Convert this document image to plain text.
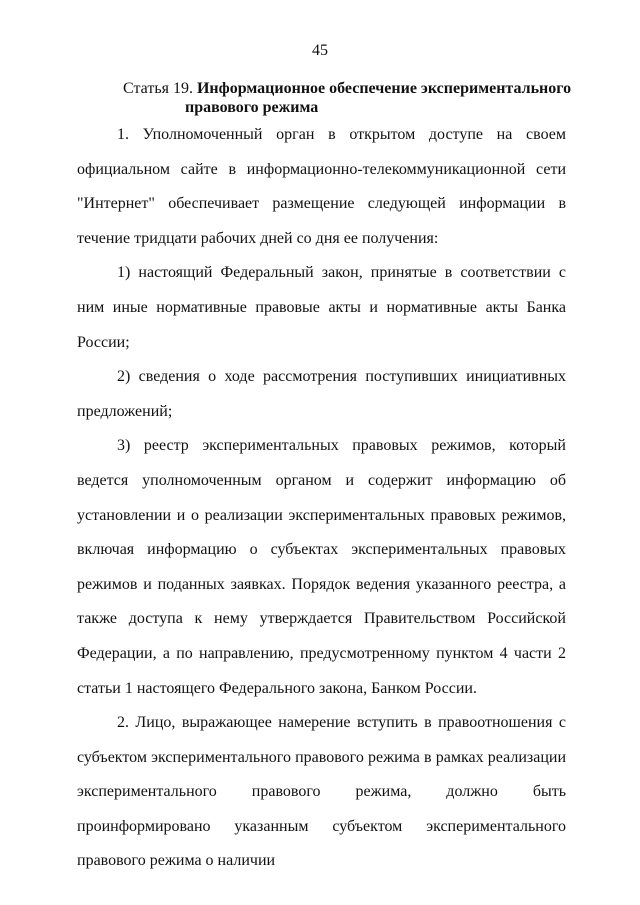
45
Статья 19. Информационное обеспечение экспериментального
правового режима

1. Уполномоченный орган в открытом доступе на своем официальном сайте в информационно-телекоммуникационной сети "Интернет" обеспечивает размещение следующей информации в течение тридцати рабочих дней со дня ее получения:

1) настоящий Федеральный закон, принятые в соответствии с ним иные нормативные правовые акты и нормативные акты Банка России;

2) сведения о ходе рассмотрения поступивших инициативных предложений;

3) реестр экспериментальных правовых режимов, который ведется уполномоченным органом и содержит информацию об установлении и о реализации экспериментальных правовых режимов, включая информацию о субъектах экспериментальных правовых режимов и поданных заявках. Порядок ведения указанного реестра, а также доступа к нему утверждается Правительством Российской Федерации, а по направлению, предусмотренному пунктом 4 части 2 статьи 1 настоящего Федерального закона, Банком России.

2. Лицо, выражающее намерение вступить в правоотношения с субъектом экспериментального правового режима в рамках реализации экспериментального правового режима, должно быть проинформировано указанным субъектом экспериментального правового режима о наличии
